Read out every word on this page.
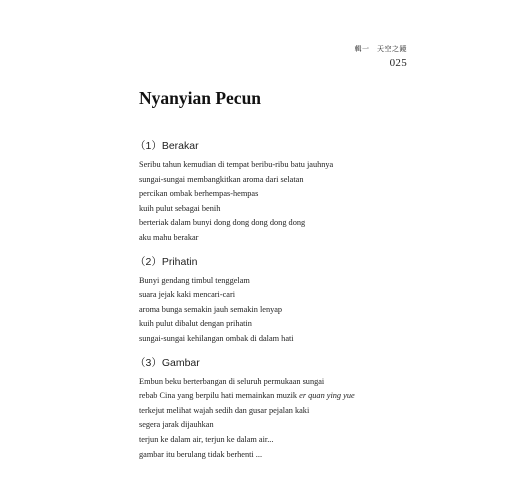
輯一　天空之鏡
025
Nyanyian Pecun
（1）Berakar
Seribu tahun kemudian di tempat beribu-ribu batu jauhnya
sungai-sungai membangkitkan aroma dari selatan
percikan ombak berhempas-hempas
kuih pulut sebagai benih
berteriak dalam bunyi dong dong dong dong dong
aku mahu berakar
（2）Prihatin
Bunyi gendang timbul tenggelam
suara jejak kaki mencari-cari
aroma bunga semakin jauh semakin lenyap
kuih pulut dibalut dengan prihatin
sungai-sungai kehilangan ombak di dalam hati
（3）Gambar
Embun beku berterbangan di seluruh permukaan sungai
rebab Cina yang berpilu hati memainkan muzik er quan ying yue
terkejut melihat wajah sedih dan gusar pejalan kaki
segera jarak dijauhkan
terjun ke dalam air, terjun ke dalam air...
gambar itu berulang tidak berhenti ...
